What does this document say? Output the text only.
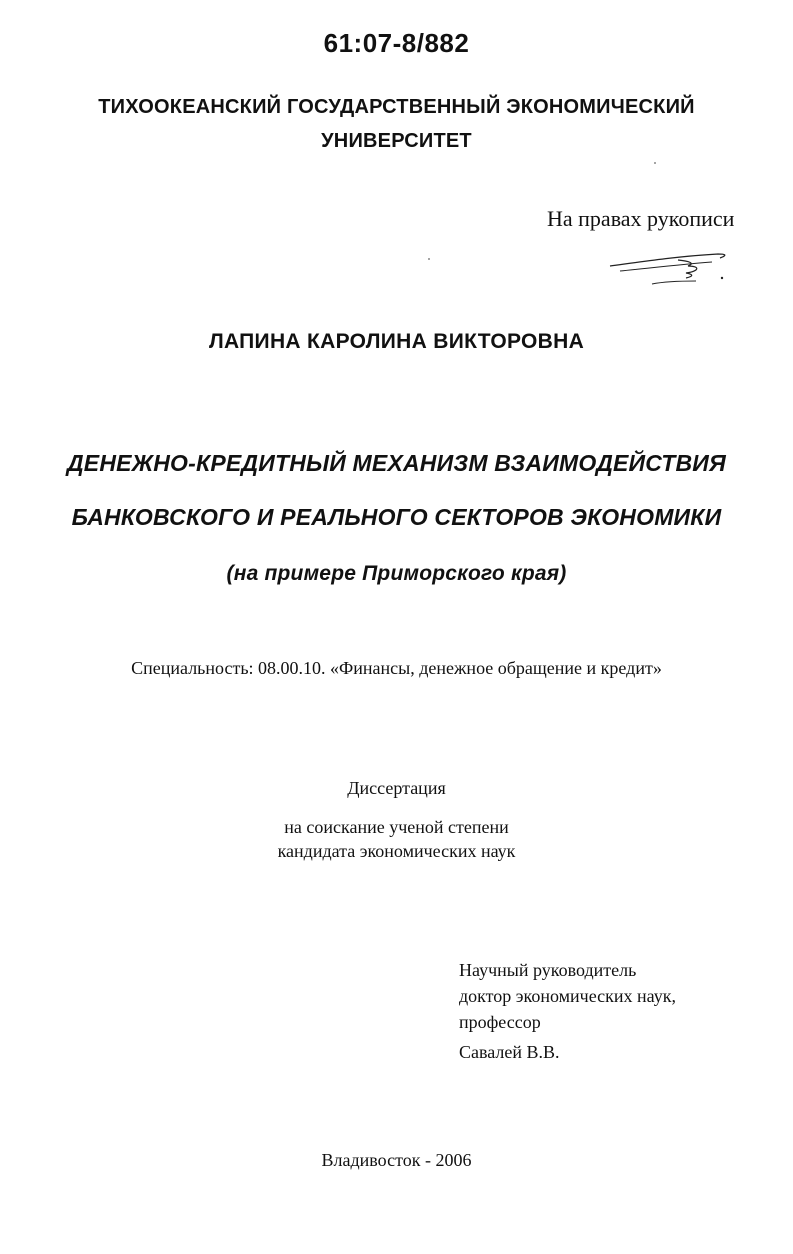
61:07-8/882
ТИХООКЕАНСКИЙ ГОСУДАРСТВЕННЫЙ ЭКОНОМИЧЕСКИЙ
УНИВЕРСИТЕТ
На правах рукописи
ЛАПИНА КАРОЛИНА ВИКТОРОВНА
ДЕНЕЖНО-КРЕДИТНЫЙ МЕХАНИЗМ ВЗАИМОДЕЙСТВИЯ
БАНКОВСКОГО И РЕАЛЬНОГО СЕКТОРОВ ЭКОНОМИКИ
(на примере Приморского края)
Специальность: 08.00.10. «Финансы, денежное обращение и кредит»
Диссертация
на соискание ученой степени
кандидата экономических наук
Научный руководитель
доктор экономических наук,
профессор
Савалей В.В.
Владивосток - 2006
